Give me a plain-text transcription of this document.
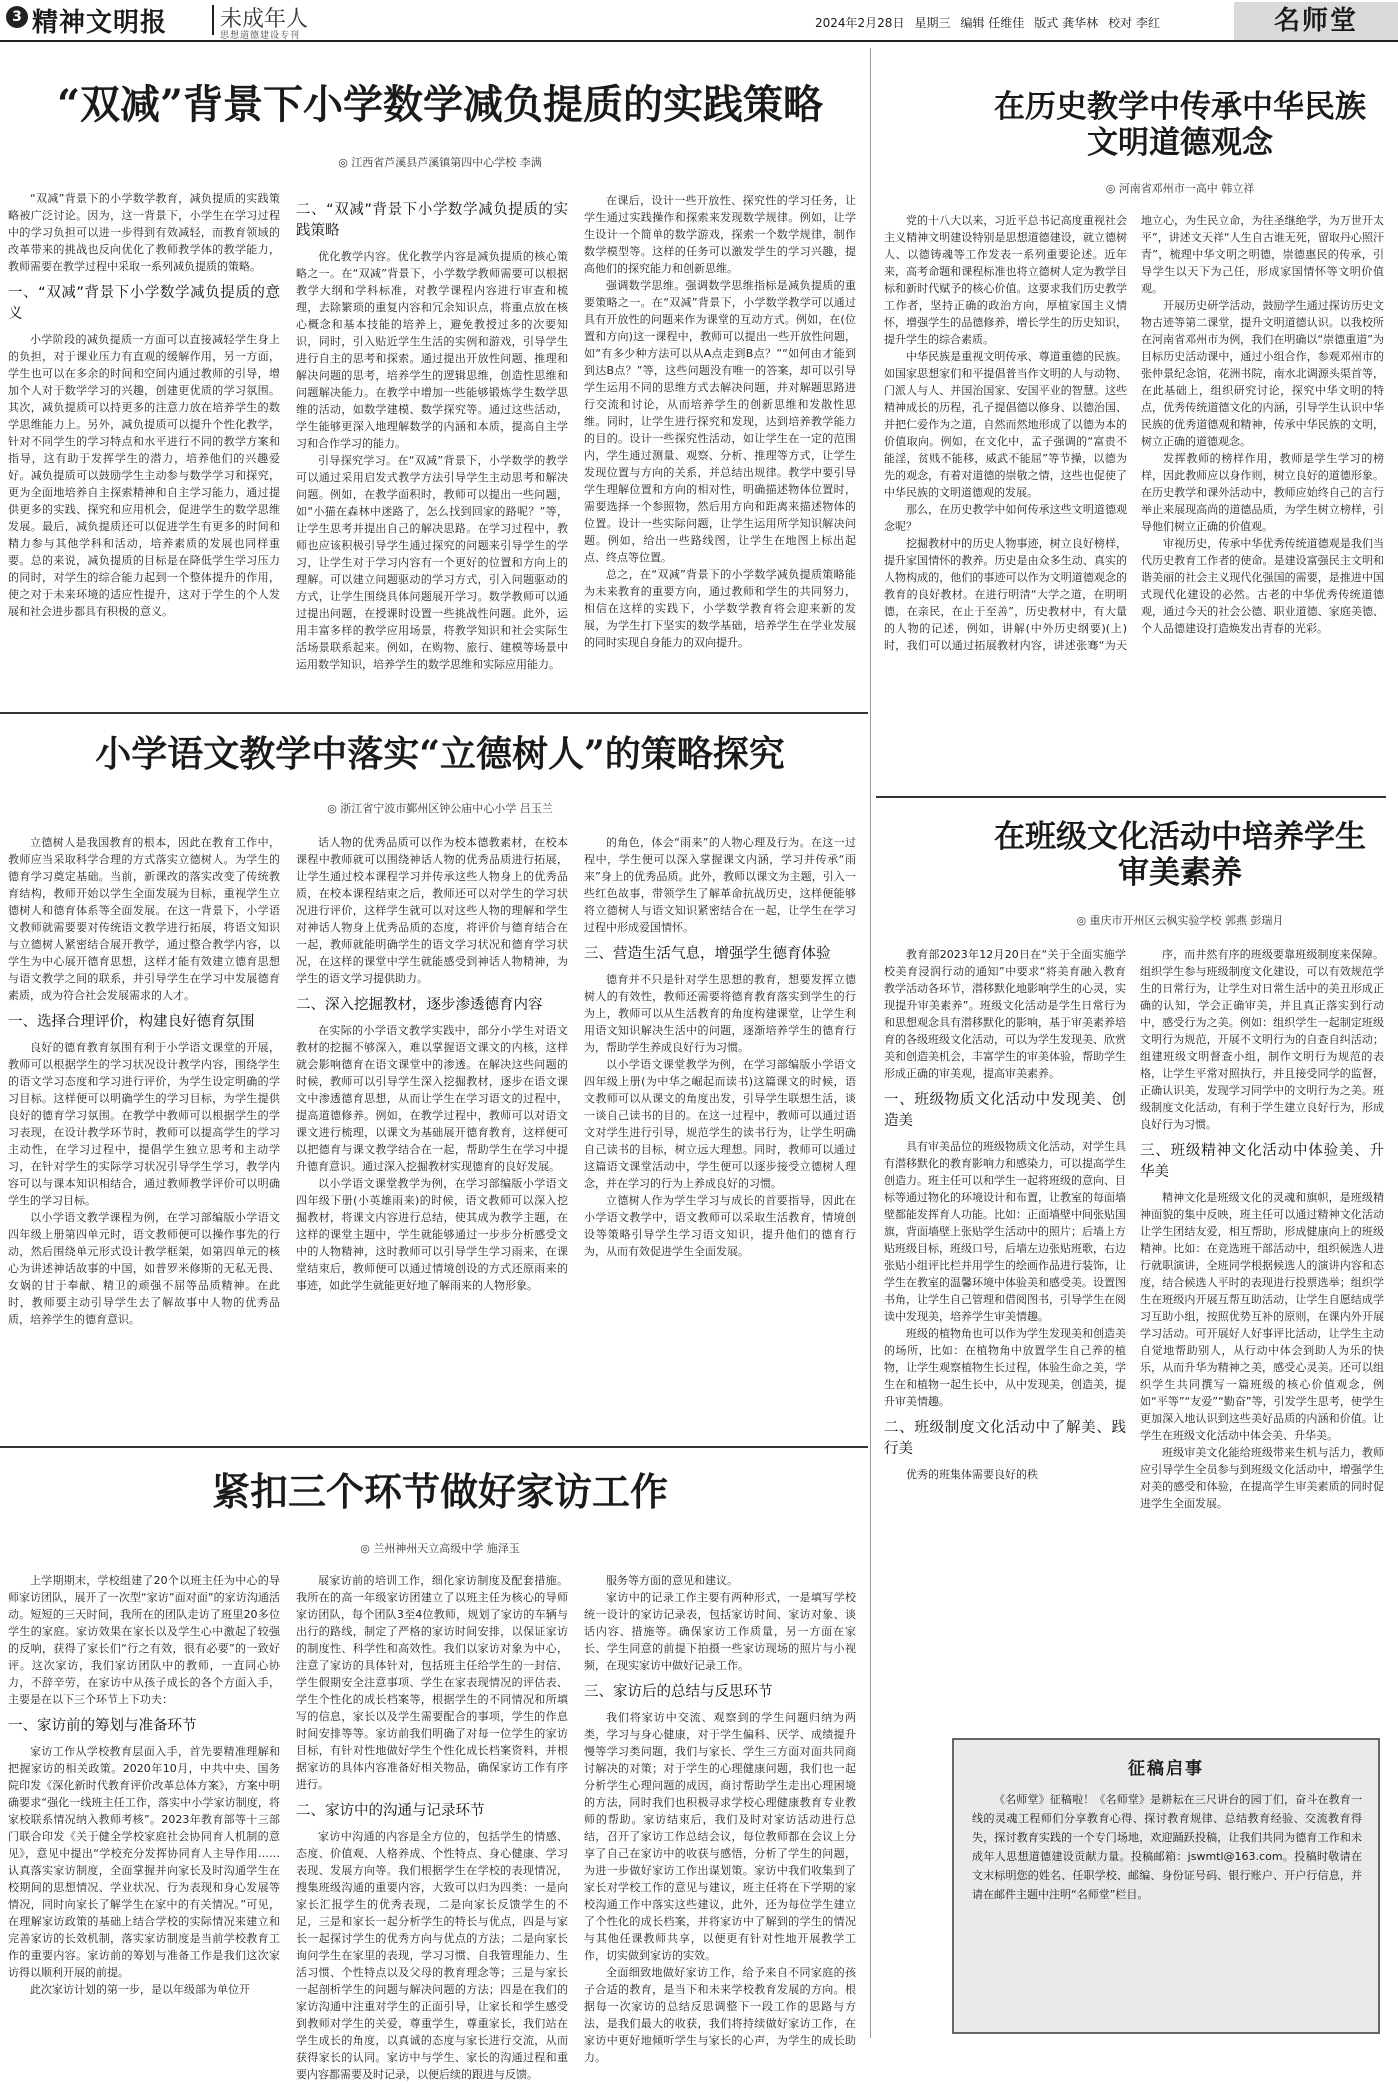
3 精神文明报 未成年人
思想道德建设专刊
2024年2月28日 星期三 编辑 任维佳 版式 龚华林 校对 李红	名师堂
“双减”背景下小学数学减负提质的实践策略
◎ 江西省芦溪县芦溪镇第四中心学校 李满

“双减”背景下的小学数学教育，减负提质的实践策略被广泛讨论。因为，这一背景下，小学生在学习过程中的学习负担可以进一步得到有效减轻，而教育领域的改革带来的挑战也反向优化了教师教学体的教学能力，教师需要在教学过程中采取一系列减负提质的策略。

一、“双减”背景下小学数学减负提质的意义

小学阶段的减负提质一方面可以直接减轻学生身上的负担，对于课业压力有直观的缓解作用，另一方面，学生也可以在多余的时间和空间内通过教师的引导，增加个人对于数学学习的兴趣，创建更优质的学习氛围。其次，减负提质可以持更多的注意力放在培养学生的数学思维能力上。另外，减负提质可以提升个性化教学，针对不同学生的学习特点和水平进行不同的教学方案和指导，这有助于发挥学生的潜力，培养他们的兴趣爱好。减负提质可以鼓励学生主动参与数学学习和探究，更为全面地培养自主探索精神和自主学习能力，通过提供更多的实践、探究和应用机会，促进学生的数学思维发展。最后，减负提质还可以促进学生有更多的时间和精力参与其他学科和活动，培养素质的发展也同样重要。总的来说，减负提质的目标是在降低学生学习压力的同时，对学生的综合能力起到一个整体提升的作用，使之对于未来环境的适应性提升，这对于学生的个人发展和社会进步都具有积极的意义。

二、“双减”背景下小学数学减负提质的实践策略

优化教学内容。优化教学内容是减负提质的核心策略之一。在“双减”背景下，小学数学教师需要可以根据教学大纲和学科标准，对教学课程内容进行审查和梳理，去除繁琐的重复内容和冗余知识点，将重点放在核心概念和基本技能的培养上，避免教授过多的次要知识，同时，引入贴近学生生活的实例和游戏，引导学生进行自主的思考和探索。通过提出开放性问题、推理和解决问题的思考，培养学生的逻辑思维，创造性思维和问题解决能力。在教学中增加一些能够锻炼学生数学思维的活动，如数学建模、数学探究等。通过这些活动，学生能够更深入地理解数学的内涵和本质，提高自主学习和合作学习的能力。

引导探究学习。在“双减”背景下，小学数学的教学可以通过采用启发式教学方法引导学生主动思考和解决问题。例如，在教学面积时，教师可以提出一些问题，如“小猫在森林中迷路了，怎么找到回家的路呢？”等，让学生思考并提出自己的解决思路。在学习过程中，教师也应该积极引导学生通过探究的问题来引导学生的学习，让学生对于学习内容有一个更好的位置和方向上的理解。可以建立问题驱动的学习方式，引入问题驱动的方式，让学生围绕具体问题展开学习。数学教师可以通过提出问题，在授课时设置一些挑战性问题。此外，运用丰富多样的教学应用场景，将教学知识和社会实际生活场景联系起来。例如，在购物、旅行、建模等场景中运用数学知识，培养学生的数学思维和实际应用能力。

在课后，设计一些开放性、探究性的学习任务，让学生通过实践操作和探索来发现数学规律。例如，让学生设计一个简单的数学游戏，探索一个数学规律，制作数学模型等。这样的任务可以激发学生的学习兴趣，提高他们的探究能力和创新思维。

强调数学思维。强调数学思维指标是减负提质的重要策略之一。在“双减”背景下，小学数学教学可以通过具有开放性的问题来作为课堂的互动方式。例如，在(位置和方向)这一课程中，教师可以提出一些开放性问题，如“有多少种方法可以从A点走到B点？”“如何由才能到到达B点？”等，这些问题没有唯一的答案，却可以引导学生运用不同的思维方式去解决问题，并对解题思路进行交流和讨论，从而培养学生的创新思维和发散性思维。同时，让学生进行探究和发现，达到培养教学能力的目的。设计一些探究性活动，如让学生在一定的范围内，学生通过测量、观察、分析、推理等方式，让学生发现位置与方向的关系，并总结出规律。教学中要引导学生理解位置和方向的相对性，明确描述物体位置时，需要选择一个参照物，然后用方向和距离来描述物体的位置。设计一些实际问题，让学生运用所学知识解决问题。例如，给出一些路线图，让学生在地图上标出起点、终点等位置。

总之，在“双减”背景下的小学数学减负提质策略能为未来教育的重要方向，通过教师和学生的共同努力，相信在这样的实践下，小学数学教育将会迎来新的发展，为学生打下坚实的数学基础，培养学生在学业发展的同时实现自身能力的双向提升。

在历史教学中传承中华民族文明道德观念
◎ 河南省邓州市一高中 韩立祥

党的十八大以来，习近平总书记高度重视社会主义精神文明建设特别是思想道德建设，就立德树人、以德铸魂等工作发表一系列重要论述。近年来，高考命题和课程标准也将立德树人定为教学目标和新时代赋予的核心价值。这要求我们历史教学工作者，坚持正确的政治方向，厚植家国主义情怀，增强学生的品德修养，增长学生的历史知识，提升学生的综合素质。

中华民族是重视文明传承、尊道重德的民族。如国家思想家们和平提倡普当作文明的人与动物、门派人与人、并国治国家、安国平业的智慧。这些精神成长的历程，孔子提倡德以修身、以德治国、并把仁爱作为之道，自然而然地形成了以德为本的价值取向。例如，在文化中，孟子强调的“富贵不能淫，贫贱不能移，威武不能屈”等节操，以德为先的观念，有着对道德的崇敬之情，这些也促使了中华民族的文明道德观的发展。

那么，在历史教学中如何传承这些文明道德观念呢？

挖掘教材中的历史人物事迹，树立良好榜样，提升家国情怀的教养。历史是由众多生动、真实的人物构成的，他们的事迹可以作为文明道德观念的教育的良好教材。在进行明清“大学之道，在明明德，在亲民，在止于至善”，历史教材中，有大量的人物的记述，例如，讲解(中外历史纲要)(上)时，我们可以通过拓展教材内容，讲述张骞“为天地立心，为生民立命，为往圣继绝学，为万世开太平”，讲述文天祥“人生自古谁无死，留取丹心照汗青”，梳理中华文明之明德，崇德惠民的传承，引导学生以天下为己任，形成家国情怀等文明价值观。

开展历史研学活动，鼓励学生通过探访历史文物古迹等第二课堂，提升文明道德认识。以我校所在河南省邓州市为例，我们在明确以“崇德重道”为目标历史活动课中，通过小组合作，参观邓州市的张仲景纪念馆，花洲书院，南水北调源头渠首等，在此基础上，组织研究讨论，探究中华文明的特点，优秀传统道德文化的内涵，引导学生认识中华民族的优秀道德观和精神，传承中华民族的文明，树立正确的道德观念。

发挥教师的榜样作用，教师是学生学习的榜样，因此教师应以身作则，树立良好的道德形象。在历史教学和课外活动中，教师应始终自己的言行举止来展现高尚的道德品质，为学生树立榜样，引导他们树立正确的价值观。

审视历史，传承中华优秀传统道德观是我们当代历史教育工作者的使命。是建设富强民主文明和谐美丽的社会主义现代化强国的需要，是推进中国式现代化建设的必然。古老的中华优秀传统道德观，通过今天的社会公德、职业道德、家庭美德、个人品德建设打造焕发出青春的光彩。

小学语文教学中落实“立德树人”的策略探究
◎ 浙江省宁波市鄞州区钟公庙中心小学 吕玉兰

立德树人是我国教育的根本，因此在教育工作中，教师应当采取科学合理的方式落实立德树人。为学生的德育学习奠定基础。当前，新课改的落实改变了传统教育结构，教师开始以学生全面发展为目标，重视学生立德树人和德育体系等全面发展。在这一背景下，小学语文教师就需要要对传统语文教学进行拓展，将语文知识与立德树人紧密结合展开教学，通过整合教学内容，以学生为中心展开德育思想，这样才能有效建立德育思想与语文教学之间的联系，并引导学生在学习中发展德育素质，成为符合社会发展需求的人才。

一、选择合理评价，构建良好德育氛围

良好的德育教育氛围有利于小学语文课堂的开展，教师可以根据学生的学习状况设计教学内容，围绕学生的语文学习态度和学习进行评价，为学生设定明确的学习目标。这样便可以明确学生的学习目标，为学生提供良好的德育学习氛围。在教学中教师可以根据学生的学习表现，在设计教学环节时，教师可以提高学生的学习主动性，在学习过程中，提倡学生独立思考和主动学习，在针对学生的实际学习状况引导学生学习，教学内容可以与课本知识相结合，通过教师教学评价可以明确学生的学习目标。

以小学语文教学课程为例，在学习部编版小学语文四年级上册第四单元时，语文教师便可以操作事先的行动，然后围绕单元形式设计教学框架，如第四单元的核心为讲述神话故事的中国，如普罗米修斯的无私无畏、女娲的甘于奉献、精卫的顽强不屈等品质精神。在此时，教师要主动引导学生去了解故事中人物的优秀品质，培养学生的德育意识。

话人物的优秀品质可以作为校本德教素材，在校本课程中教师就可以围绕神话人物的优秀品质进行拓展，让学生通过校本课程学习并传承这些人物身上的优秀品质，在校本课程结束之后，教师还可以对学生的学习状况进行评价，这样学生就可以对这些人物的理解和学生对神话人物身上优秀品质的态度，将评价与德育结合在一起，教师就能明确学生的语文学习状况和德育学习状况，在这样的课堂中学生就能感受到神话人物精神，为学生的语文学习提供助力。

二、深入挖掘教材，逐步渗透德育内容

在实际的小学语文教学实践中，部分小学生对语文教材的挖掘不够深入，难以掌握语文课文的内核，这样就会影响德育在语文课堂中的渗透。在解决这些问题的时候，教师可以引导学生深入挖掘教材，逐步在语文课文中渗透德育思想，从而让学生在学习语文的过程中，提高道德修养。例如，在教学过程中，教师可以对语文课文进行梳理，以课文为基础展开德育教育，这样便可以把德育与课文教学结合在一起，帮助学生在学习中提升德育意识。通过深入挖掘教材实现德育的良好发展。

以小学语文课堂教学为例，在学习部编版小学语文四年级下册(小英雄雨来)的时候，语文教师可以深入挖掘教材，将课文内容进行总结，使其成为教学主题，在这样的课堂主题中，学生就能够通过一步步分析感受文中的人物精神，这时教师可以引导学生学习雨来，在课堂结束后，教师便可以通过情境创设的方式还原雨来的事迹，如此学生就能更好地了解雨来的人物形象。

的角色，体会“雨来”的人物心理及行为。在这一过程中，学生便可以深入掌握课文内涵，学习并传承“雨来”身上的优秀品质。此外，教师以课文为主题，引入一些红色故事，带领学生了解革命抗战历史，这样便能够将立德树人与语文知识紧密结合在一起，让学生在学习过程中形成爱国情怀。

三、营造生活气息，增强学生德育体验

德育并不只是针对学生思想的教育，想要发挥立德树人的有效性，教师还需要将德育教育落实到学生的行为上，教师可以从生活教育的角度构建课堂，让学生利用语文知识解决生活中的问题，逐渐培养学生的德育行为，帮助学生养成良好行为习惯。

以小学语文课堂教学为例，在学习部编版小学语文四年级上册(为中华之崛起而读书)这篇课文的时候，语文教师可以从课文的角度出发，引导学生联想生活，谈一谈自己读书的目的。在这一过程中，教师可以通过语文对学生进行引导，规范学生的读书行为，让学生明确自己读书的目标，树立远大理想。同时，教师可以通过这篇语文课堂活动中，学生便可以逐步接受立德树人理念，并在学习的行为上养成良好的习惯。

立德树人作为学生学习与成长的首要指导，因此在小学语文教学中，语文教师可以采取生活教育，情境创设等策略引导学生学习语文知识，提升他们的德育行为，从而有效促进学生全面发展。

在班级文化活动中培养学生审美素养
◎ 重庆市开州区云枫实验学校 郭燕 彭瑞月

教育部2023年12月20日在“关于全面实施学校美育浸润行动的通知”中要求“将美育融入教育教学活动各环节，潜移默化地影响学生的心灵，实现提升审美素养”。班级文化活动是学生日常行为和思想观念具有潜移默化的影响，基于审美素养培育的各级班级文化活动，可以为学生发现美、欣赏美和创造美机会，丰富学生的审美体验，帮助学生形成正确的审美观，提高审美素养。

一、班级物质文化活动中发现美、创造美

具有审美品位的班级物质文化活动，对学生具有潜移默化的教育影响力和感染力，可以提高学生创造力。班主任可以和学生一起将班级的意向、目标等通过物化的环境设计和布置，让教室的每面墙壁都能发挥育人功能。比如：正面墙壁中间张贴国旗，背面墙壁上张贴学生活动中的照片；后墙上方贴班级目标，班级口号，后墙左边张贴班歌，右边张贴小组评比栏并用学生的绘画作品进行装饰，让学生在教室的温馨环境中体验美和感受美。设置图书角，让学生自己管理和借阅图书，引导学生在阅读中发现美，培养学生审美情趣。

班级的植物角也可以作为学生发现美和创造美的场所，比如：在植物角中放置学生自己养的植物，让学生观察植物生长过程，体验生命之美，学生在和植物一起生长中，从中发现美，创造美，提升审美情趣。

二、班级制度文化活动中了解美、践行美

优秀的班集体需要良好的秩

序，而井然有序的班级要靠班级制度来保障。组织学生参与班级制度文化建设，可以有效规范学生的日常行为，让学生对日常生活中的美丑形成正确的认知，学会正确审美，并且真正落实到行动中，感受行为之美。例如：组织学生一起制定班级文明行为规范，开展不文明行为的自查自纠活动；组建班级文明督查小组，制作文明行为规范的表格，让学生平常对照执行，并且接受同学的监督，正确认识美，发现学习同学中的文明行为之美。班级制度文化活动，有利于学生建立良好行为，形成良好行为习惯。

三、班级精神文化活动中体验美、升华美

精神文化是班级文化的灵魂和旗帜，是班级精神面貌的集中反映，班主任可以通过精神文化活动让学生团结友爱，相互帮助，形成健康向上的班级精神。比如：在竞选班干部活动中，组织候选人进行就职演讲，全班同学根据候选人的演讲内容和态度，结合候选人平时的表现进行投票选举；组织学生在班级内开展互帮互助活动，让学生自愿结成学习互助小组，按照优势互补的原则，在课内外开展学习活动。可开展好人好事评比活动，让学生主动自觉地帮助别人，从行动中体会到助人为乐的快乐，从而升华为精神之美，感受心灵美。还可以组织学生共同撰写一篇班级的核心价值观念，例如“平等”“友爱”“勤奋”等，引发学生思考，使学生更加深入地认识到这些美好品质的内涵和价值。让学生在班级文化活动中体会美、升华美。

班级审美文化能给班级带来生机与活力，教师应引导学生全员参与到班级文化活动中，增强学生对美的感受和体验，在提高学生审美素质的同时促进学生全面发展。

紧扣三个环节做好家访工作
◎ 兰州神州天立高级中学 施泽玉

上学期期末，学校组建了20个以班主任为中心的导师家访团队，展开了一次型“家访”面对面”的家访沟通活动。短短的三天时间，我所在的团队走访了班里20多位学生的家庭。家访效果在家长以及学生心中激起了较强的反响，获得了家长们“行之有效，很有必要”的一致好评。这次家访，我们家访团队中的教师，一直同心协力，不辞辛劳，在家访中从孩子成长的各个方面入手，主要是在以下三个环节上下功夫：

一、家访前的筹划与准备环节

家访工作从学校教育层面入手，首先要精准理解和把握家访的相关政策。2020年10月，中共中央、国务院印发《深化新时代教育评价改革总体方案》，方案中明确要求“强化一线班主任工作，落实中小学家访制度，将家校联系情况纳入教师考核”。2023年教育部等十三部门联合印发《关于健全学校家庭社会协同育人机制的意见》，意见中提出“学校充分发挥协同育人主导作用……认真落实家访制度，全面掌握并向家长及时沟通学生在校期间的思想情况、学业状况、行为表现和身心发展等情况，同时向家长了解学生在家中的有关情况。”可见，在理解家访政策的基础上结合学校的实际情况来建立和完善家访的长效机制，落实家访制度是当前学校教育工作的重要内容。家访前的筹划与准备工作是我们这次家访得以顺利开展的前提。

此次家访计划的第一步，是以年级部为单位开

展家访前的培训工作，细化家访制度及配套措施。我所在的高一年级家访团建立了以班主任为核心的导师家访团队，每个团队3至4位教师，规划了家访的车辆与出行的路线，制定了严格的家访时间安排，以保证家访的制度性、科学性和高效性。我们以家访对象为中心，注意了家访的具体针对，包括班主任给学生的一封信、学生假期安全注意事项、学生在家表现情况的评估表、学生个性化的成长档案等，根据学生的不同情况和所填写的信息，家长以及学生需要配合的事项，学生的作息时间安排等等。家访前我们明确了对每一位学生的家访目标，有针对性地做好学生个性化成长档案资料，并根据家访的具体内容准备好相关物品，确保家访工作有序进行。

二、家访中的沟通与记录环节

家访中沟通的内容是全方位的，包括学生的情感、态度、价值观、人格养成、个性特点、身心健康、学习表现、发展方向等。我们根据学生在学校的表现情况，搜集班级沟通的重要内容，大致可以归为四类：一是向家长汇报学生的优秀表现，二是向家长反馈学生的不足，三是和家长一起分析学生的特长与优点，四是与家长一起探讨学生的优秀方向与优点的方法；二是向家长询问学生在家里的表现，学习习惯、自我管理能力、生活习惯、个性特点以及父母的教育理念等；三是与家长一起剖析学生的问题与解决问题的方法；四是在我们的家访沟通中注重对学生的正面引导，让家长和学生感受到教师对学生的关爱，尊重学生，尊重家长，我们站在学生成长的角度，以真诚的态度与家长进行交流，从而获得家长的认同。家访中与学生、家长的沟通过程和重要内容都需要及时记录，以便后续的跟进与反馈。

服务等方面的意见和建议。

家访中的记录工作主要有两种形式，一是填写学校统一设计的家访记录表，包括家访时间、家访对象、谈话内容、措施等。确保家访工作质量，另一方面在家长、学生同意的前提下拍摄一些家访现场的照片与小视频，在现实家访中做好记录工作。

三、家访后的总结与反思环节

我们将家访中交流、观察到的学生问题归纳为两类，学习与身心健康，对于学生偏科、厌学、成绩提升慢等学习类问题，我们与家长、学生三方面对面共同商讨解决的对策；对于学生的心理健康问题，我们也一起分析学生心理问题的成因，商讨帮助学生走出心理困境的方法，同时我们也积极寻求学校心理健康教育专业教师的帮助。家访结束后，我们及时对家访活动进行总结，召开了家访工作总结会议，每位教师都在会议上分享了自己在家访中的收获与感悟，分析了学生的问题，为进一步做好家访工作出谋划策。家访中我们收集到了家长对学校工作的意见与建议，班主任将在下学期的家校沟通工作中落实这些建议，此外，还为每位学生建立了个性化的成长档案，并将家访中了解到的学生的情况与其他任课教师共享，以便更有针对性地开展教学工作，切实做到家访的实效。

全面细致地做好家访工作，给予来自不同家庭的孩子合适的教育，是当下和未来学校教育发展的方向。根据每一次家访的总结反思调整下一段工作的思路与方法，是我们最大的收获，我们将持续做好家访工作，在家访中更好地倾听学生与家长的心声，为学生的成长助力。

征稿启事

《名师堂》征稿啦！《名师堂》是耕耘在三尺讲台的园丁们，奋斗在教育一线的灵魂工程师们分享教育心得、探讨教育规律、总结教育经验、交流教育得失，探讨教育实践的一个专门场地，欢迎踊跃投稿，让我们共同为德育工作和未成年人思想道德建设贡献力量。投稿邮箱：jswmtl@163.com。投稿时敬请在文末标明您的姓名、任职学校、邮编、身份证号码、银行账户、开户行信息，并请在邮件主题中注明“名师堂”栏目。
